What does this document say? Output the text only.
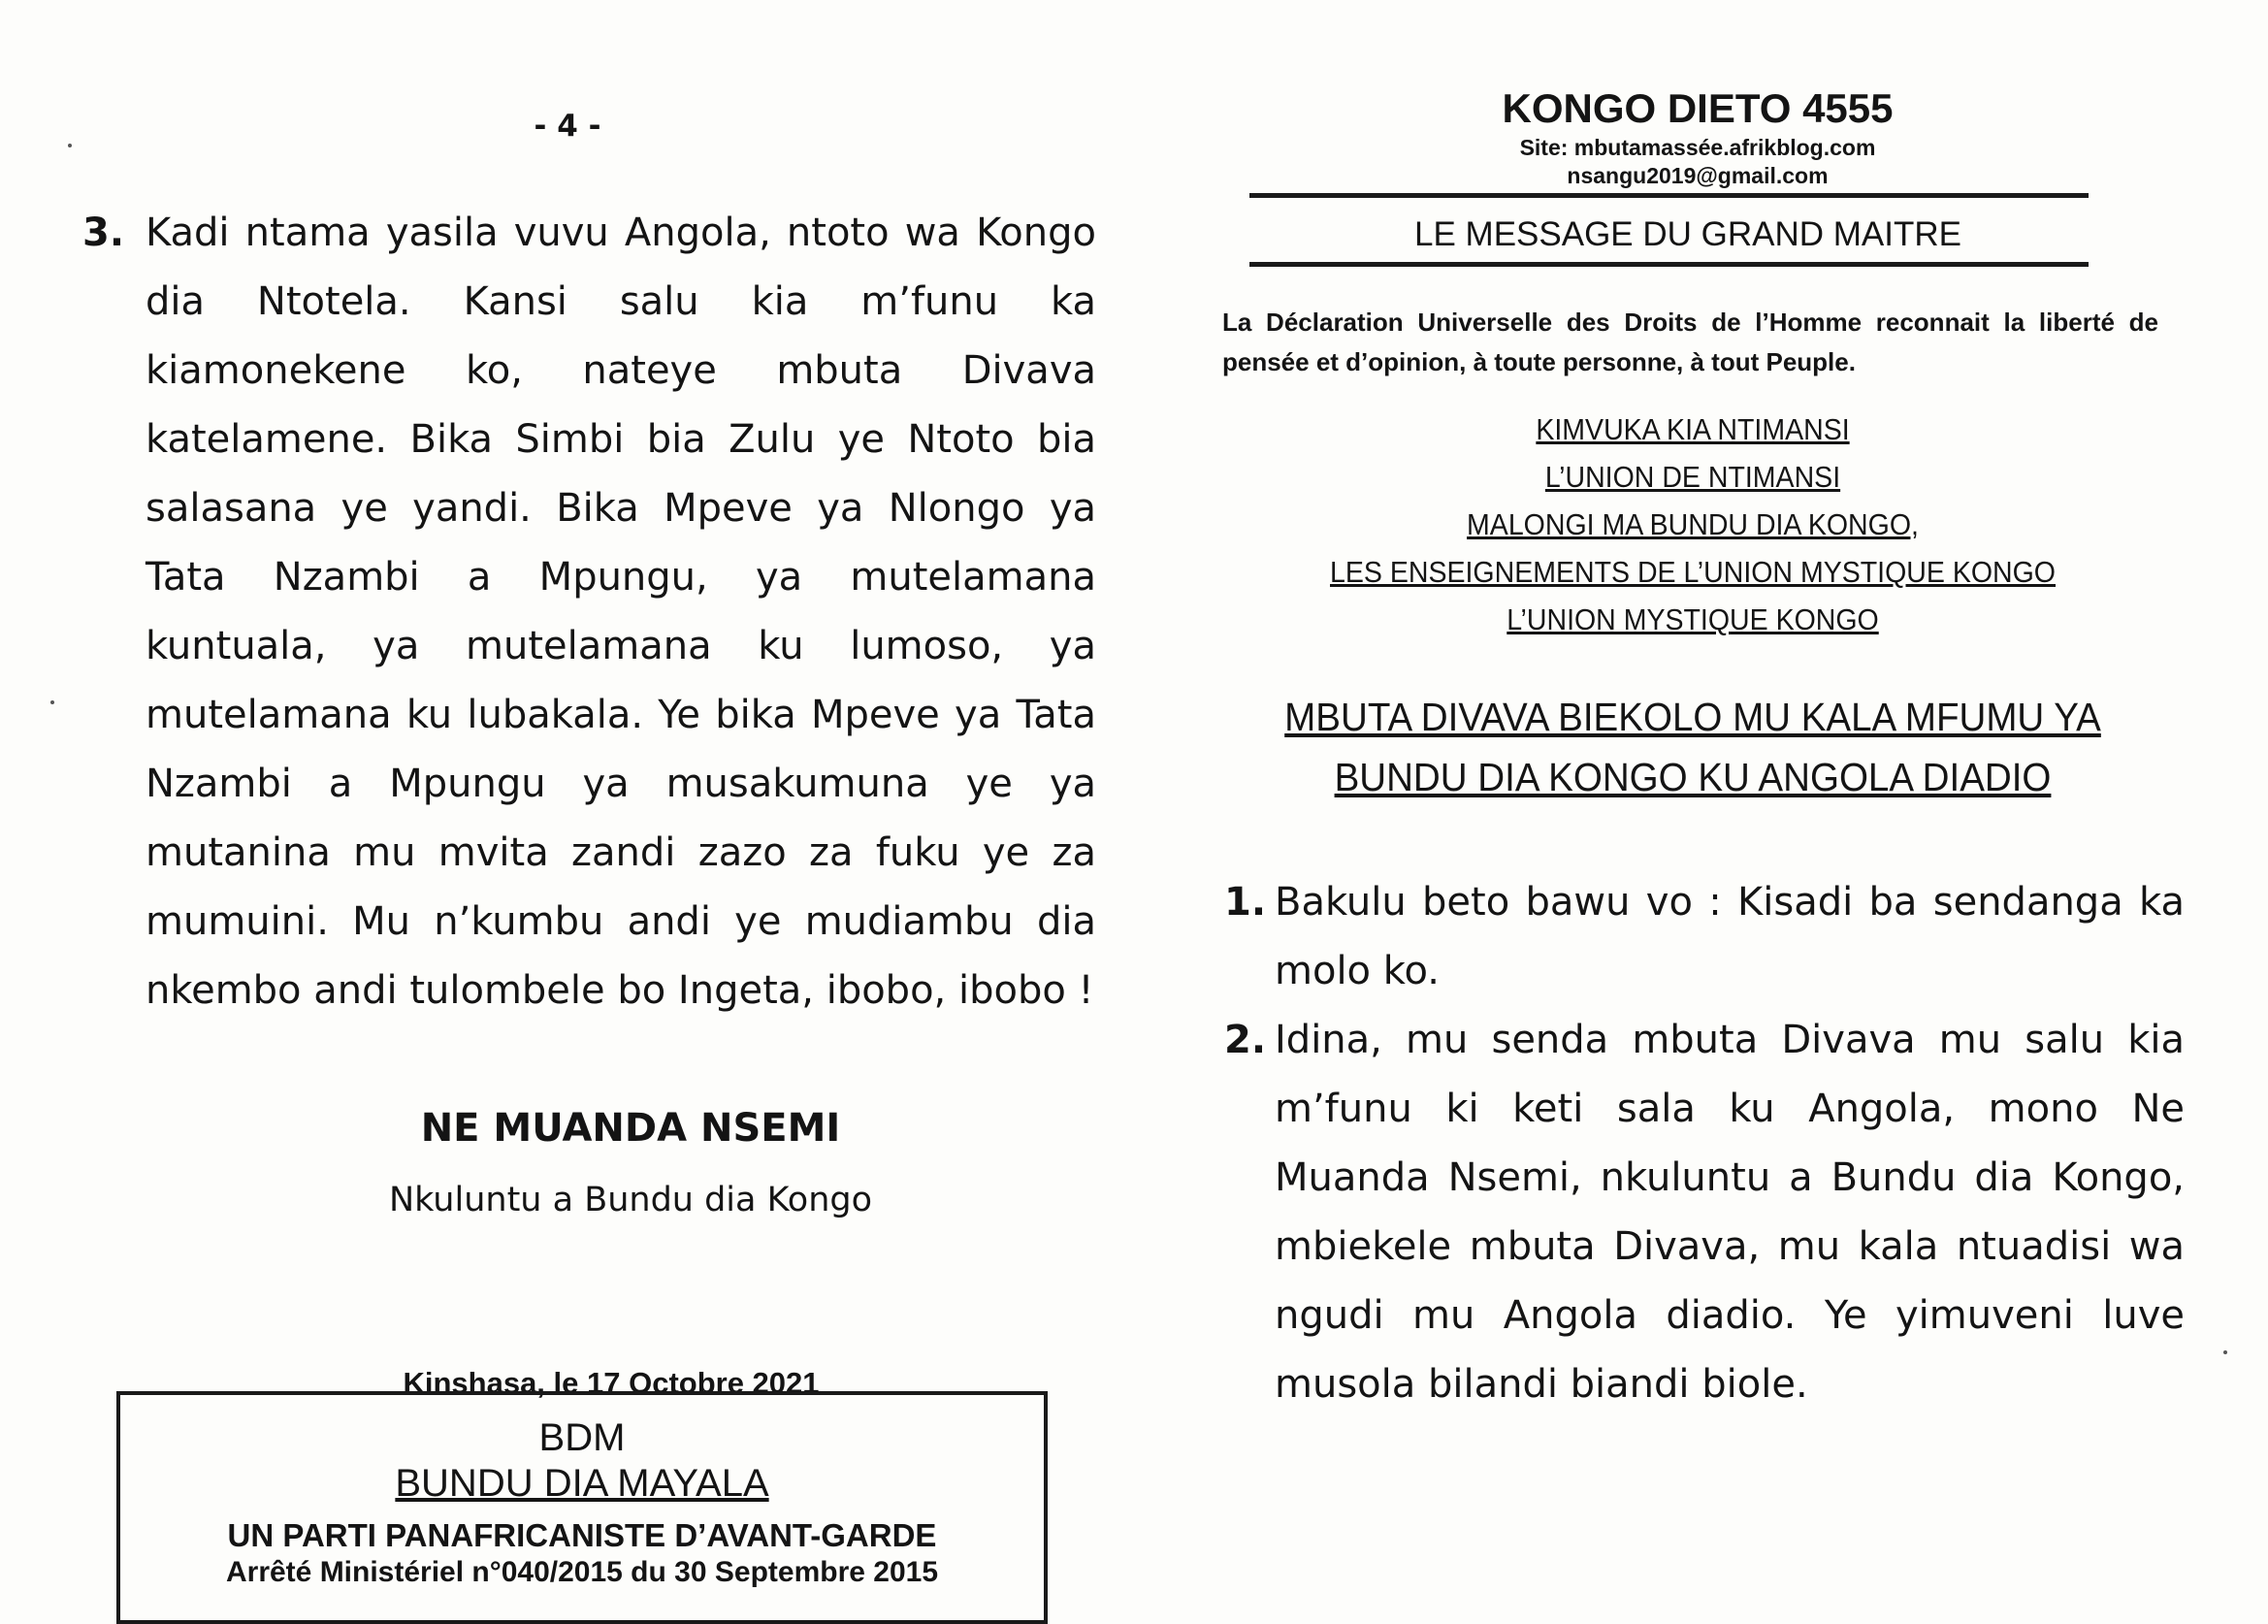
- 4 -
3. Kadi ntama yasila vuvu Angola, ntoto wa Kongo dia Ntotela. Kansi salu kia m’funu ka kiamonekene ko, nateye mbuta Divava katelamene. Bika Simbi bia Zulu ye Ntoto bia salasana ye yandi. Bika Mpeve ya Nlongo ya Tata Nzambi a Mpungu, ya mutelamana kuntuala, ya mutelamana ku lumoso, ya mutelamana ku lubakala. Ye bika Mpeve ya Tata Nzambi a Mpungu ya musakumuna ye ya mutanina mu mvita zandi zazo za fuku ye za mumuini. Mu n’kumbu andi ye mudiambu dia nkembo andi tulombele bo Ingeta, ibobo, ibobo !
NE MUANDA NSEMI
Nkuluntu a Bundu dia Kongo
Kinshasa, le 17 Octobre 2021
BDM
BUNDU DIA MAYALA
UN PARTI PANAFRICANISTE D’AVANT-GARDE
Arrêté Ministériel n°040/2015 du 30 Septembre 2015
KONGO DIETO 4555
Site: mbutamassée.afrikblog.com
nsangu2019@gmail.com
LE MESSAGE DU GRAND MAITRE
La Déclaration Universelle des Droits de l’Homme reconnait la liberté de pensée et d’opinion, à toute personne, à tout Peuple.
KIMVUKA KIA NTIMANSI
L’UNION DE NTIMANSI
MALONGI MA BUNDU DIA KONGO,
LES ENSEIGNEMENTS DE L’UNION MYSTIQUE KONGO
L’UNION MYSTIQUE KONGO
MBUTA DIVAVA BIEKOLO MU KALA MFUMU YA
BUNDU DIA KONGO KU ANGOLA DIADIO
1. Bakulu beto bawu vo : Kisadi ba sendanga ka molo ko.
2. Idina, mu senda mbuta Divava mu salu kia m’funu ki keti sala ku Angola, mono Ne Muanda Nsemi, nkuluntu a Bundu dia Kongo, mbiekele mbuta Divava, mu kala ntuadisi wa ngudi mu Angola diadio. Ye yimuveni luve musola bilandi biandi biole.
